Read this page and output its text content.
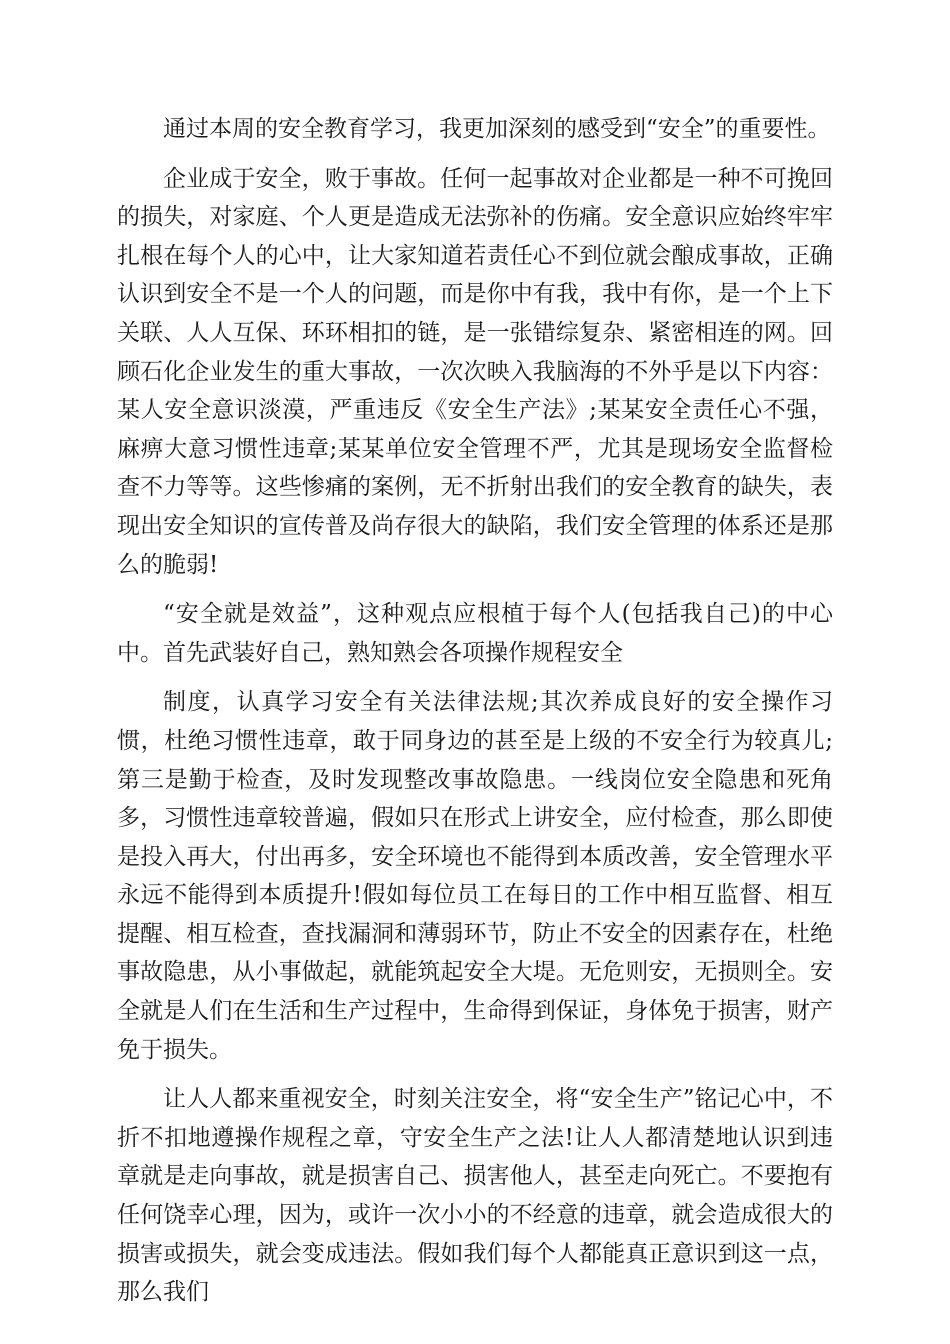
通过本周的安全教育学习，我更加深刻的感受到“安全”的重要性。

企业成于安全，败于事故。任何一起事故对企业都是一种不可挽回的损失，对家庭、个人更是造成无法弥补的伤痛。安全意识应始终牢牢扎根在每个人的心中，让大家知道若责任心不到位就会酿成事故，正确认识到安全不是一个人的问题，而是你中有我，我中有你，是一个上下关联、人人互保、环环相扣的链，是一张错综复杂、紧密相连的网。回顾石化企业发生的重大事故，一次次映入我脑海的不外乎是以下内容：某人安全意识淡漠，严重违反《安全生产法》;某某安全责任心不强，麻痹大意习惯性违章;某某单位安全管理不严，尤其是现场安全监督检查不力等等。这些惨痛的案例，无不折射出我们的安全教育的缺失，表现出安全知识的宣传普及尚存很大的缺陷，我们安全管理的体系还是那么的脆弱!

“安全就是效益”，这种观点应根植于每个人(包括我自己)的中心中。首先武装好自己，熟知熟会各项操作规程安全

制度，认真学习安全有关法律法规;其次养成良好的安全操作习惯，杜绝习惯性违章，敢于同身边的甚至是上级的不安全行为较真儿;第三是勤于检查，及时发现整改事故隐患。一线岗位安全隐患和死角多，习惯性违章较普遍，假如只在形式上讲安全，应付检查，那么即使是投入再大，付出再多，安全环境也不能得到本质改善，安全管理水平永远不能得到本质提升!假如每位员工在每日的工作中相互监督、相互提醒、相互检查，查找漏洞和薄弱环节，防止不安全的因素存在，杜绝事故隐患，从小事做起，就能筑起安全大堤。无危则安，无损则全。安全就是人们在生活和生产过程中，生命得到保证，身体免于损害，财产免于损失。

让人人都来重视安全，时刻关注安全，将“安全生产”铭记心中，不折不扣地遵操作规程之章，守安全生产之法!让人人都清楚地认识到违章就是走向事故，就是损害自己、损害他人，甚至走向死亡。不要抱有任何饶幸心理，因为，或许一次小小的不经意的违章，就会造成很大的损害或损失，就会变成违法。假如我们每个人都能真正意识到这一点，那么我们
